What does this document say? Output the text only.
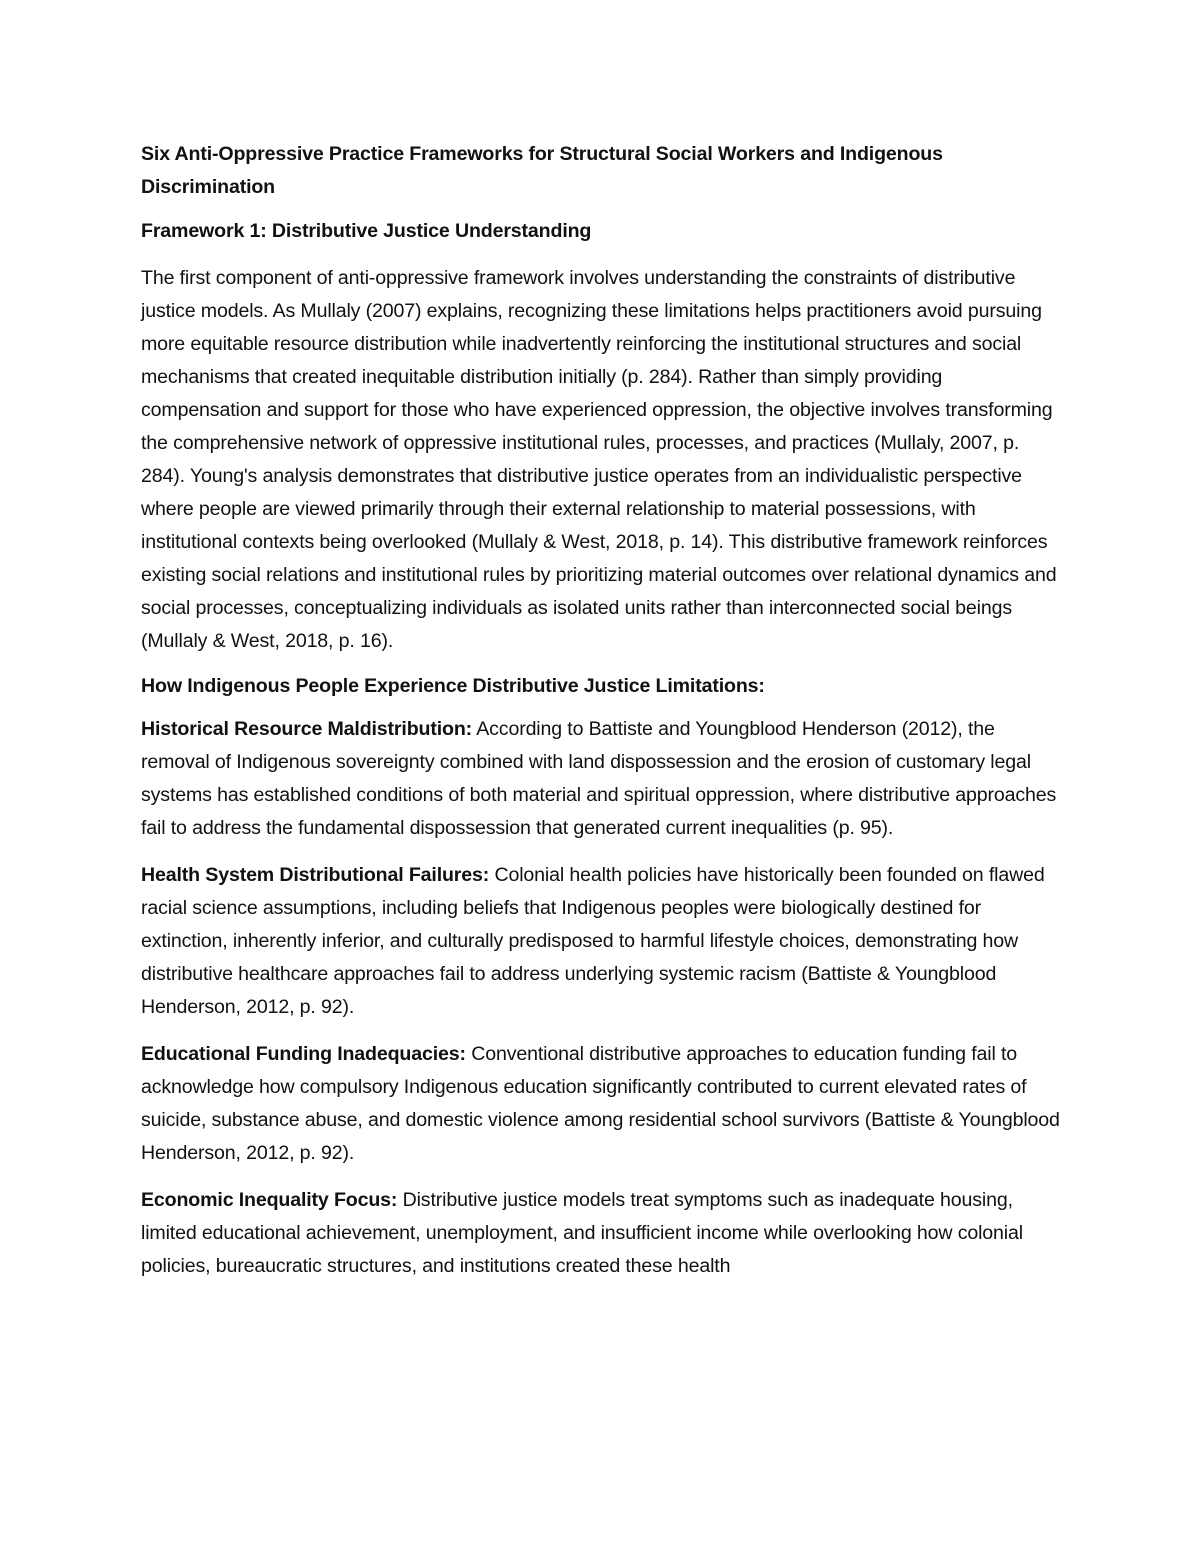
Six Anti-Oppressive Practice Frameworks for Structural Social Workers and Indigenous Discrimination
Framework 1: Distributive Justice Understanding

The first component of anti-oppressive framework involves understanding the constraints of distributive justice models. As Mullaly (2007) explains, recognizing these limitations helps practitioners avoid pursuing more equitable resource distribution while inadvertently reinforcing the institutional structures and social mechanisms that created inequitable distribution initially (p. 284). Rather than simply providing compensation and support for those who have experienced oppression, the objective involves transforming the comprehensive network of oppressive institutional rules, processes, and practices (Mullaly, 2007, p. 284). Young's analysis demonstrates that distributive justice operates from an individualistic perspective where people are viewed primarily through their external relationship to material possessions, with institutional contexts being overlooked (Mullaly & West, 2018, p. 14). This distributive framework reinforces existing social relations and institutional rules by prioritizing material outcomes over relational dynamics and social processes, conceptualizing individuals as isolated units rather than interconnected social beings (Mullaly & West, 2018, p. 16).

How Indigenous People Experience Distributive Justice Limitations:

Historical Resource Maldistribution: According to Battiste and Youngblood Henderson (2012), the removal of Indigenous sovereignty combined with land dispossession and the erosion of customary legal systems has established conditions of both material and spiritual oppression, where distributive approaches fail to address the fundamental dispossession that generated current inequalities (p. 95).

Health System Distributional Failures: Colonial health policies have historically been founded on flawed racial science assumptions, including beliefs that Indigenous peoples were biologically destined for extinction, inherently inferior, and culturally predisposed to harmful lifestyle choices, demonstrating how distributive healthcare approaches fail to address underlying systemic racism (Battiste & Youngblood Henderson, 2012, p. 92).

Educational Funding Inadequacies: Conventional distributive approaches to education funding fail to acknowledge how compulsory Indigenous education significantly contributed to current elevated rates of suicide, substance abuse, and domestic violence among residential school survivors (Battiste & Youngblood Henderson, 2012, p. 92).

Economic Inequality Focus: Distributive justice models treat symptoms such as inadequate housing, limited educational achievement, unemployment, and insufficient income while overlooking how colonial policies, bureaucratic structures, and institutions created these health
